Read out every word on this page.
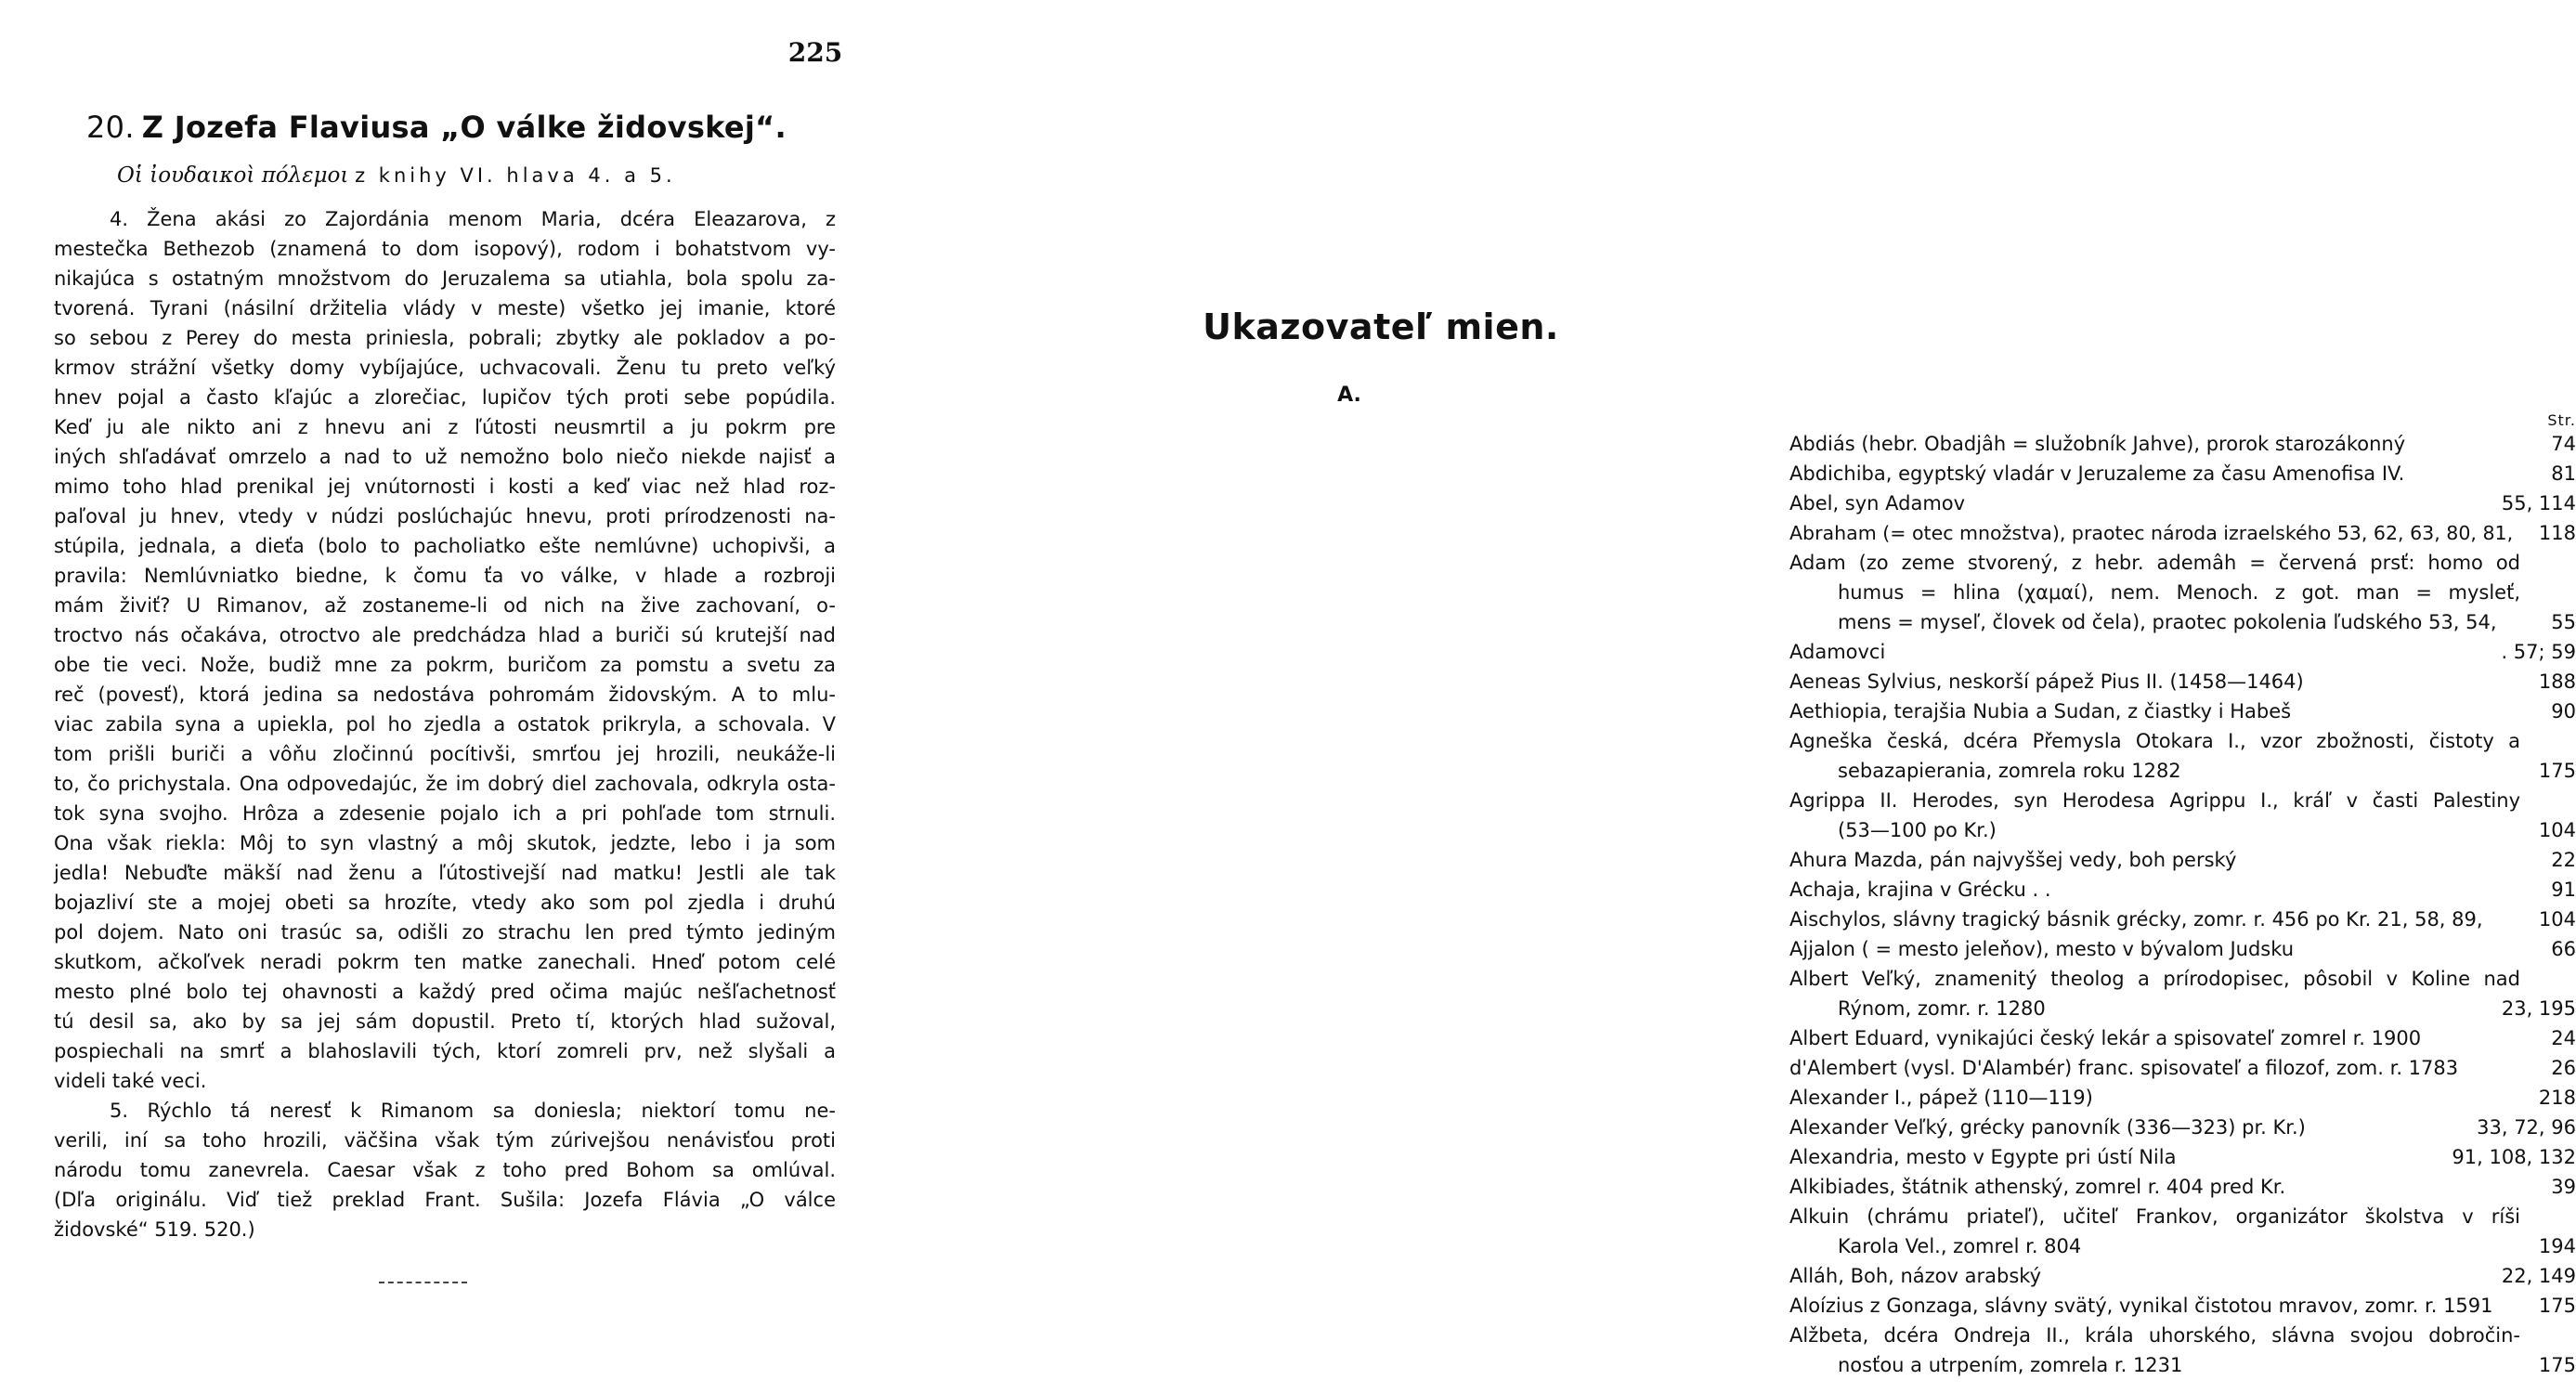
225
20. Z Jozefa Flaviusa „O válke židovskej“.
Οἱ ἰουδαικοὶ πόλεμοι z knihy VI. hlava 4. a 5.
4. Žena akási zo Zajordánia menom Maria, dcéra Eleazarova, z
mestečka Bethezob (znamená to dom isopový), rodom i bohatstvom vy-
nikajúca s ostatným množstvom do Jeruzalema sa utiahla, bola spolu za-
tvorená. Tyrani (násilní držitelia vlády v meste) všetko jej imanie, ktoré
so sebou z Perey do mesta priniesla, pobrali; zbytky ale pokladov a po-
krmov strážní všetky domy vybíjajúce, uchvacovali. Ženu tu preto veľký
hnev pojal a často kľajúc a zlorečiac, lupičov tých proti sebe popúdila.
Keď ju ale nikto ani z hnevu ani z ľútosti neusmrtil a ju pokrm pre
iných shľadávať omrzelo a nad to už nemožno bolo niečo niekde najisť a
mimo toho hlad prenikal jej vnútornosti i kosti a keď viac než hlad roz-
paľoval ju hnev, vtedy v núdzi poslúchajúc hnevu, proti prírodzenosti na-
stúpila, jednala, a dieťa (bolo to pacholiatko ešte nemlúvne) uchopivši, a
pravila: Nemlúvniatko biedne, k čomu ťa vo válke, v hlade a rozbroji
mám živiť? U Rimanov, až zostaneme-li od nich na žive zachovaní, o-
troctvo nás očakáva, otroctvo ale predchádza hlad a buriči sú krutejší nad
obe tie veci. Nože, budiž mne za pokrm, buričom za pomstu a svetu za
reč (povesť), ktorá jedina sa nedostáva pohromám židovským. A to mlu-
viac zabila syna a upiekla, pol ho zjedla a ostatok prikryla, a schovala. V
tom prišli buriči a vôňu zločinnú pocítivši, smrťou jej hrozili, neukáže-li
to, čo prichystala. Ona odpovedajúc, že im dobrý diel zachovala, odkryla osta-
tok syna svojho. Hrôza a zdesenie pojalo ich a pri pohľade tom strnuli.
Ona však riekla: Môj to syn vlastný a môj skutok, jedzte, lebo i ja som
jedla! Nebuďte mäkší nad ženu a ľútostivejší nad matku! Jestli ale tak
bojazliví ste a mojej obeti sa hrozíte, vtedy ako som pol zjedla i druhú
pol dojem. Nato oni trasúc sa, odišli zo strachu len pred týmto jediným
skutkom, ačkoľvek neradi pokrm ten matke zanechali. Hneď potom celé
mesto plné bolo tej ohavnosti a každý pred očima majúc nešľachetnosť
tú desil sa, ako by sa jej sám dopustil. Preto tí, ktorých hlad sužoval,
pospiechali na smrť a blahoslavili tých, ktorí zomreli prv, než slyšali a
videli také veci.
5. Rýchlo tá neresť k Rimanom sa doniesla; niektorí tomu ne-
verili, iní sa toho hrozili, väčšina však tým zúrivejšou nenávisťou proti
národu tomu zanevrela. Caesar však z toho pred Bohom sa omlúval.
(Dľa originálu. Viď tiež preklad Frant. Sušila: Jozefa Flávia „O válce
židovské“ 519. 520.)
Ukazovateľ mien.
A.
Str.
Abdiás (hebr. Obadjâh = služobník Jahve), prorok starozákonný	74
Abdichiba, egyptský vladár v Jeruzaleme za času Amenofisa IV.	81
Abel, syn Adamov	55, 114
Abraham (= otec množstva), praotec národa izraelského 53, 62, 63, 80, 81,	118
Adam (zo zeme stvorený, z hebr. ademâh = červená prsť: homo od
humus = hlina (χαμαί), nem. Menoch. z got. man = mysleť,
mens = myseľ, človek od čela), praotec pokolenia ľudského 53, 54,	55
Adamovci	. 57; 59
Aeneas Sylvius, neskorší pápež Pius II. (1458—1464)	188
Aethiopia, terajšia Nubia a Sudan, z čiastky i Habeš	90
Agneška česká, dcéra Přemysla Otokara I., vzor zbožnosti, čistoty a
sebazapierania, zomrela roku 1282	175
Agrippa II. Herodes, syn Herodesa Agrippu I., kráľ v časti Palestiny
(53—100 po Kr.)	104
Ahura Mazda, pán najvyššej vedy, boh perský	22
Achaja, krajina v Grécku . .	91
Aischylos, slávny tragický básnik grécky, zomr. r. 456 po Kr. 21, 58, 89,	104
Ajjalon ( = mesto jeleňov), mesto v bývalom Judsku	66
Albert Veľký, znamenitý theolog a prírodopisec, pôsobil v Koline nad
Rýnom, zomr. r. 1280	23, 195
Albert Eduard, vynikajúci český lekár a spisovateľ zomrel r. 1900	24
d'Alembert (vysl. D'Alambér) franc. spisovateľ a filozof, zom. r. 1783	26
Alexander I., pápež (110—119)	218
Alexander Veľký, grécky panovník (336—323) pr. Kr.)	33, 72, 96
Alexandria, mesto v Egypte pri ústí Nila	91, 108, 132
Alkibiades, štátnik athenský, zomrel r. 404 pred Kr.	39
Alkuin (chrámu priateľ), učiteľ Frankov, organizátor školstva v ríši
Karola Vel., zomrel r. 804	194
Alláh, Boh, názov arabský	22, 149
Aloízius z Gonzaga, slávny svätý, vynikal čistotou mravov, zomr. r. 1591	175
Alžbeta, dcéra Ondreja II., krála uhorského, slávna svojou dobročin-
nosťou a utrpením, zomrela r. 1231	175
